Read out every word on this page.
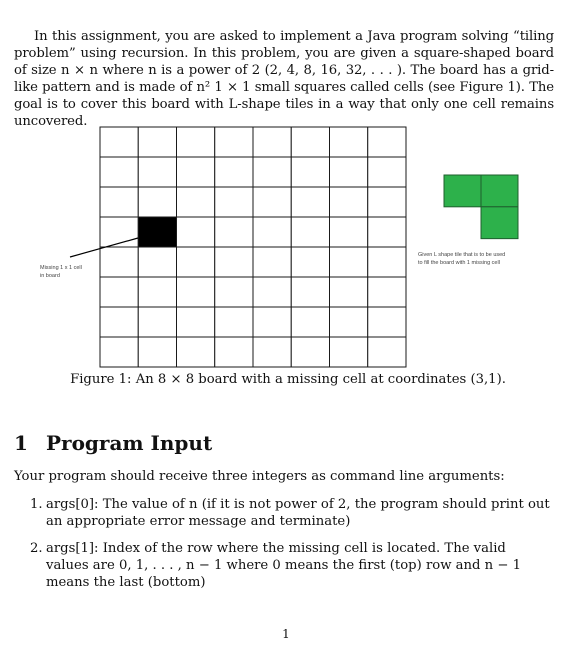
In this assignment, you are asked to implement a Java program solving “tiling problem” using recursion. In this problem, you are given a square-shaped board of size n × n where n is a power of 2 (2, 4, 8, 16, 32, . . . ). The board has a grid-like pattern and is made of n² 1 × 1 small squares called cells (see Figure 1). The goal is to cover this board with L-shape tiles in a way that only one cell remains uncovered.
Missing 1 x 1 cell
in board
Given L shape tile that is to be used
to fill the board with 1 missing cell
Figure 1: An 8 × 8 board with a missing cell at coordinates (3,1).
1 Program Input
Your program should receive three integers as command line arguments:
1. args[0]: The value of n (if it is not power of 2, the program should print out an appropriate error message and terminate)
2. args[1]: Index of the row where the missing cell is located. The valid values are 0, 1, . . . , n − 1 where 0 means the first (top) row and n − 1 means the last (bottom)
1
